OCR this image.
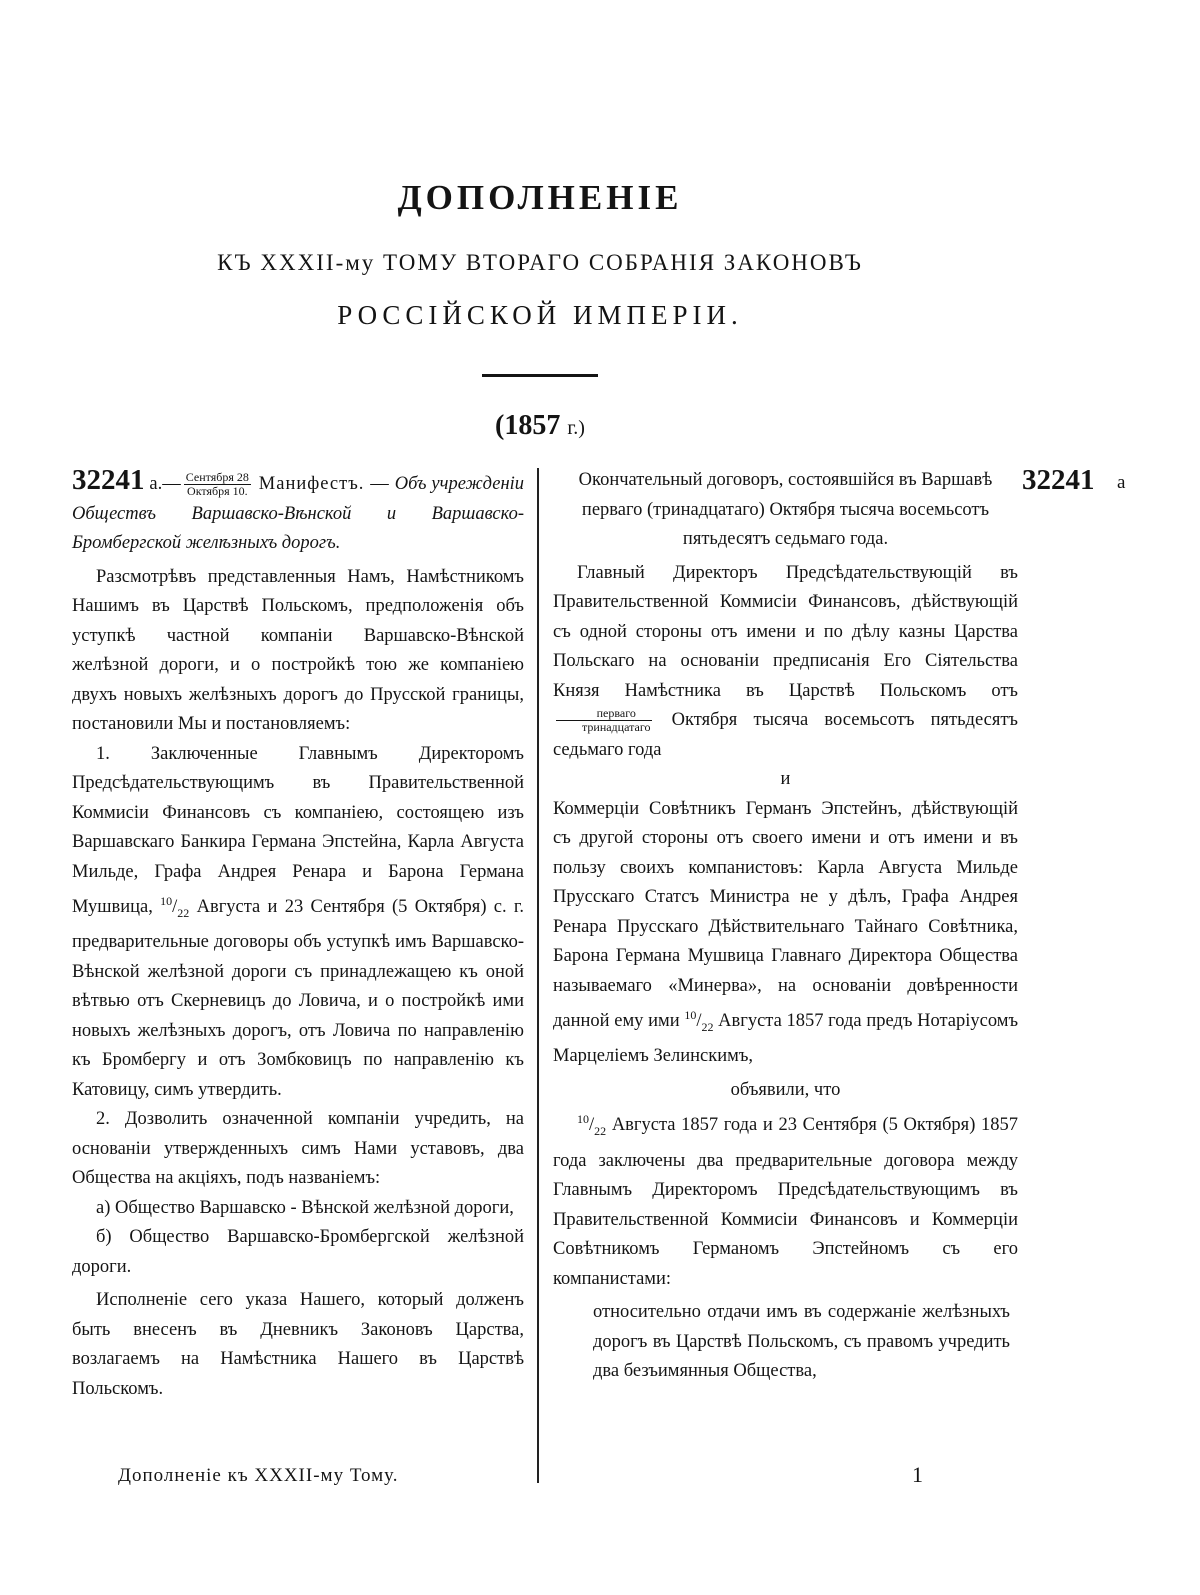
ДОПОЛНЕНІЕ
КЪ XXXII-му ТОМУ ВТОРАГО СОБРАНІЯ ЗАКОНОВЪ
РОССІЙСКОЙ ИМПЕРІИ.
(1857 г.)

32241 а.— $\frac{\text{Сентября 28}}{\text{Октября 10.}}$ Манифестъ. — Объ учрежденіи Обществъ Варшавско-Вѣнской и Варшавско-Бромбергской желѣзныхъ дорогъ.

Разсмотрѣвъ представленныя Намъ, Намѣстникомъ Нашимъ въ Царствѣ Польскомъ, предположенія объ уступкѣ частной компаніи Варшавско-Вѣнской желѣзной дороги, и о постройкѣ тою же компаніею двухъ новыхъ желѣзныхъ дорогъ до Прусской границы, постановили Мы и постановляемъ:

1. Заключенные Главнымъ Директоромъ Предсѣдательствующимъ въ Правительственной Коммисіи Финансовъ съ компаніею, состоящею изъ Варшавскаго Банкира Германа Эпстейна, Карла Августа Мильде, Графа Андрея Ренара и Барона Германа Мушвица, $^{10}/_{22}$ Августа и 23 Сентября (5 Октября) с. г. предварительные договоры объ уступкѣ имъ Варшавско-Вѣнской желѣзной дороги съ принадлежащею къ оной вѣтвью отъ Скерневицъ до Ловича, и о постройкѣ ими новыхъ желѣзныхъ дорогъ, отъ Ловича по направленію къ Бромбергу и отъ Зомбковицъ по направленію къ Катовицу, симъ утвердить.

2. Дозволить означенной компаніи учредить, на основаніи утвержденныхъ симъ Нами уставовъ, два Общества на акціяхъ, подъ названіемъ:

а) Общество Варшавско - Вѣнской желѣзной дороги,

б) Общество Варшавско-Бромбергской желѣзной дороги.

Исполненіе сего указа Нашего, который долженъ быть внесенъ въ Дневникъ Законовъ Царства, возлагаемъ на Намѣстника Нашего въ Царствѣ Польскомъ.

32241 а

Окончательный договоръ, состоявшійся въ Варшавѣ перваго (тринадцатаго) Октября тысяча восемьсотъ пятьдесятъ седьмаго года.

Главный Директоръ Предсѣдательствующій въ Правительственной Коммисіи Финансовъ, дѣйствующій съ одной стороны отъ имени и по дѣлу казны Царства Польскаго на основаніи предписанія Его Сіятельства Князя Намѣстника въ Царствѣ Польскомъ отъ
$\frac{\text{перваго}}{\text{тринадцатаго}}$ Октября тысяча восемьсотъ пятьдесятъ седьмаго года

и

Коммерціи Совѣтникъ Германъ Эпстейнъ, дѣйствующій съ другой стороны отъ своего имени и отъ имени и въ пользу своихъ компанистовъ: Карла Августа Мильде Прусскаго Статсъ Министра не у дѣлъ, Графа Андрея Ренара Прусскаго Дѣйствительнаго Тайнаго Совѣтника, Барона Германа Мушвица Главнаго Директора Общества называемаго «Минерва», на основаніи довѣренности данной ему ими $^{10}/_{22}$ Августа 1857 года предъ Нотаріусомъ Марцеліемъ Зелинскимъ,

объявили, что

$^{10}/_{22}$ Августа 1857 года и 23 Сентября (5 Октября) 1857 года заключены два предварительные договора между Главнымъ Директоромъ Предсѣдательствующимъ въ Правительственной Коммисіи Финансовъ и Коммерціи Совѣтникомъ Германомъ Эпстейномъ съ его компанистами:

относительно отдачи имъ въ содержаніе желѣзныхъ дорогъ въ Царствѣ Польскомъ, съ правомъ учредить два безъимянныя Общества,

Дополненіе къ XXXII-му Тому.	1
